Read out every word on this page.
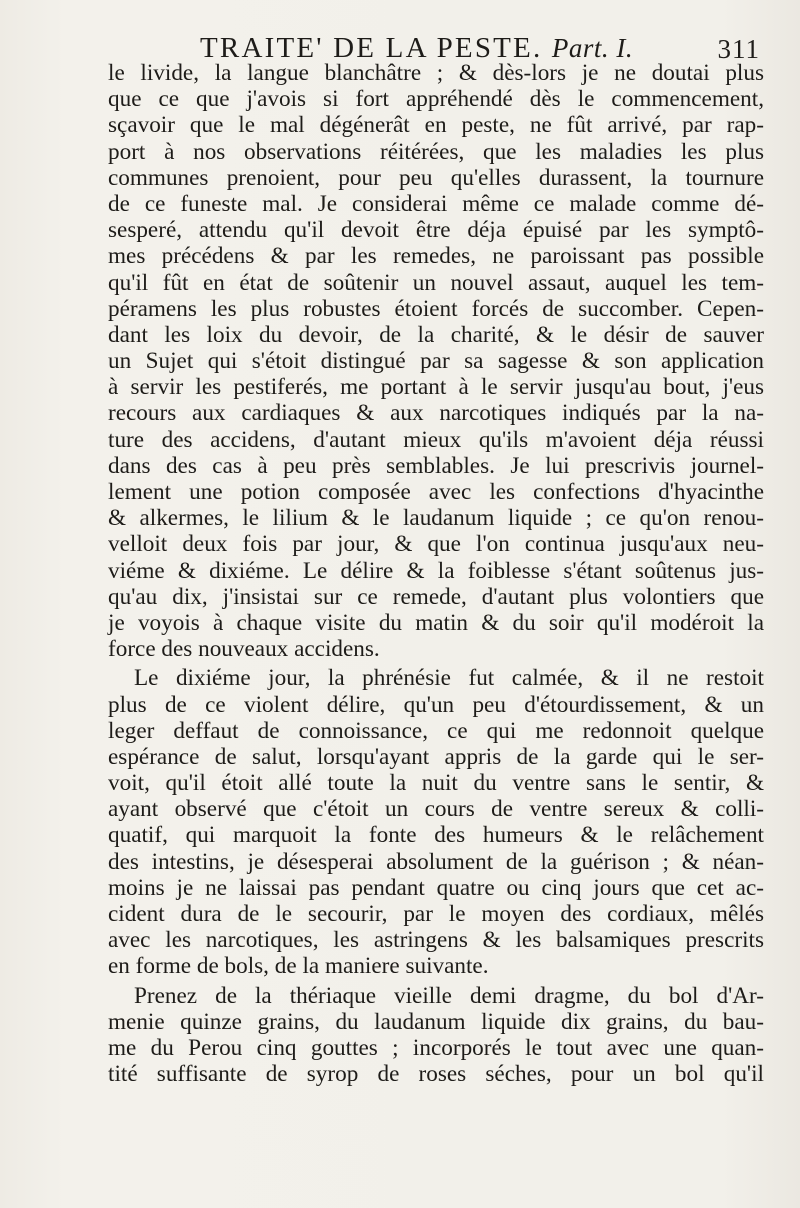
TRAITE' DE LA PESTE. Part. I.	311
le livide, la langue blanchâtre ; & dès-lors je ne doutai plus
que ce que j'avois si fort appréhendé dès le commencement,
sçavoir que le mal dégénerât en peste, ne fût arrivé, par rap-
port à nos observations réitérées, que les maladies les plus
communes prenoient, pour peu qu'elles durassent, la tournure
de ce funeste mal. Je considerai même ce malade comme dé-
sesperé, attendu qu'il devoit être déja épuisé par les symptô-
mes précédens & par les remedes, ne paroissant pas possible
qu'il fût en état de soûtenir un nouvel assaut, auquel les tem-
péramens les plus robustes étoient forcés de succomber. Cepen-
dant les loix du devoir, de la charité, & le désir de sauver
un Sujet qui s'étoit distingué par sa sagesse & son application
à servir les pestiferés, me portant à le servir jusqu'au bout, j'eus
recours aux cardiaques & aux narcotiques indiqués par la na-
ture des accidens, d'autant mieux qu'ils m'avoient déja réussi
dans des cas à peu près semblables. Je lui prescrivis journel-
lement une potion composée avec les confections d'hyacinthe
& alkermes, le lilium & le laudanum liquide ; ce qu'on renou-
velloit deux fois par jour, & que l'on continua jusqu'aux neu-
viéme & dixiéme. Le délire & la foiblesse s'étant soûtenus jus-
qu'au dix, j'insistai sur ce remede, d'autant plus volontiers que
je voyois à chaque visite du matin & du soir qu'il modéroit la
force des nouveaux accidens.
Le dixiéme jour, la phrénésie fut calmée, & il ne restoit
plus de ce violent délire, qu'un peu d'étourdissement, & un
leger deffaut de connoissance, ce qui me redonnoit quelque
espérance de salut, lorsqu'ayant appris de la garde qui le ser-
voit, qu'il étoit allé toute la nuit du ventre sans le sentir, &
ayant observé que c'étoit un cours de ventre sereux & colli-
quatif, qui marquoit la fonte des humeurs & le relâchement
des intestins, je désesperai absolument de la guérison ; & néan-
moins je ne laissai pas pendant quatre ou cinq jours que cet ac-
cident dura de le secourir, par le moyen des cordiaux, mêlés
avec les narcotiques, les astringens & les balsamiques prescrits
en forme de bols, de la maniere suivante.
Prenez de la thériaque vieille demi dragme, du bol d'Ar-
menie quinze grains, du laudanum liquide dix grains, du bau-
me du Perou cinq gouttes ; incorporés le tout avec une quan-
tité suffisante de syrop de roses séches, pour un bol qu'il
